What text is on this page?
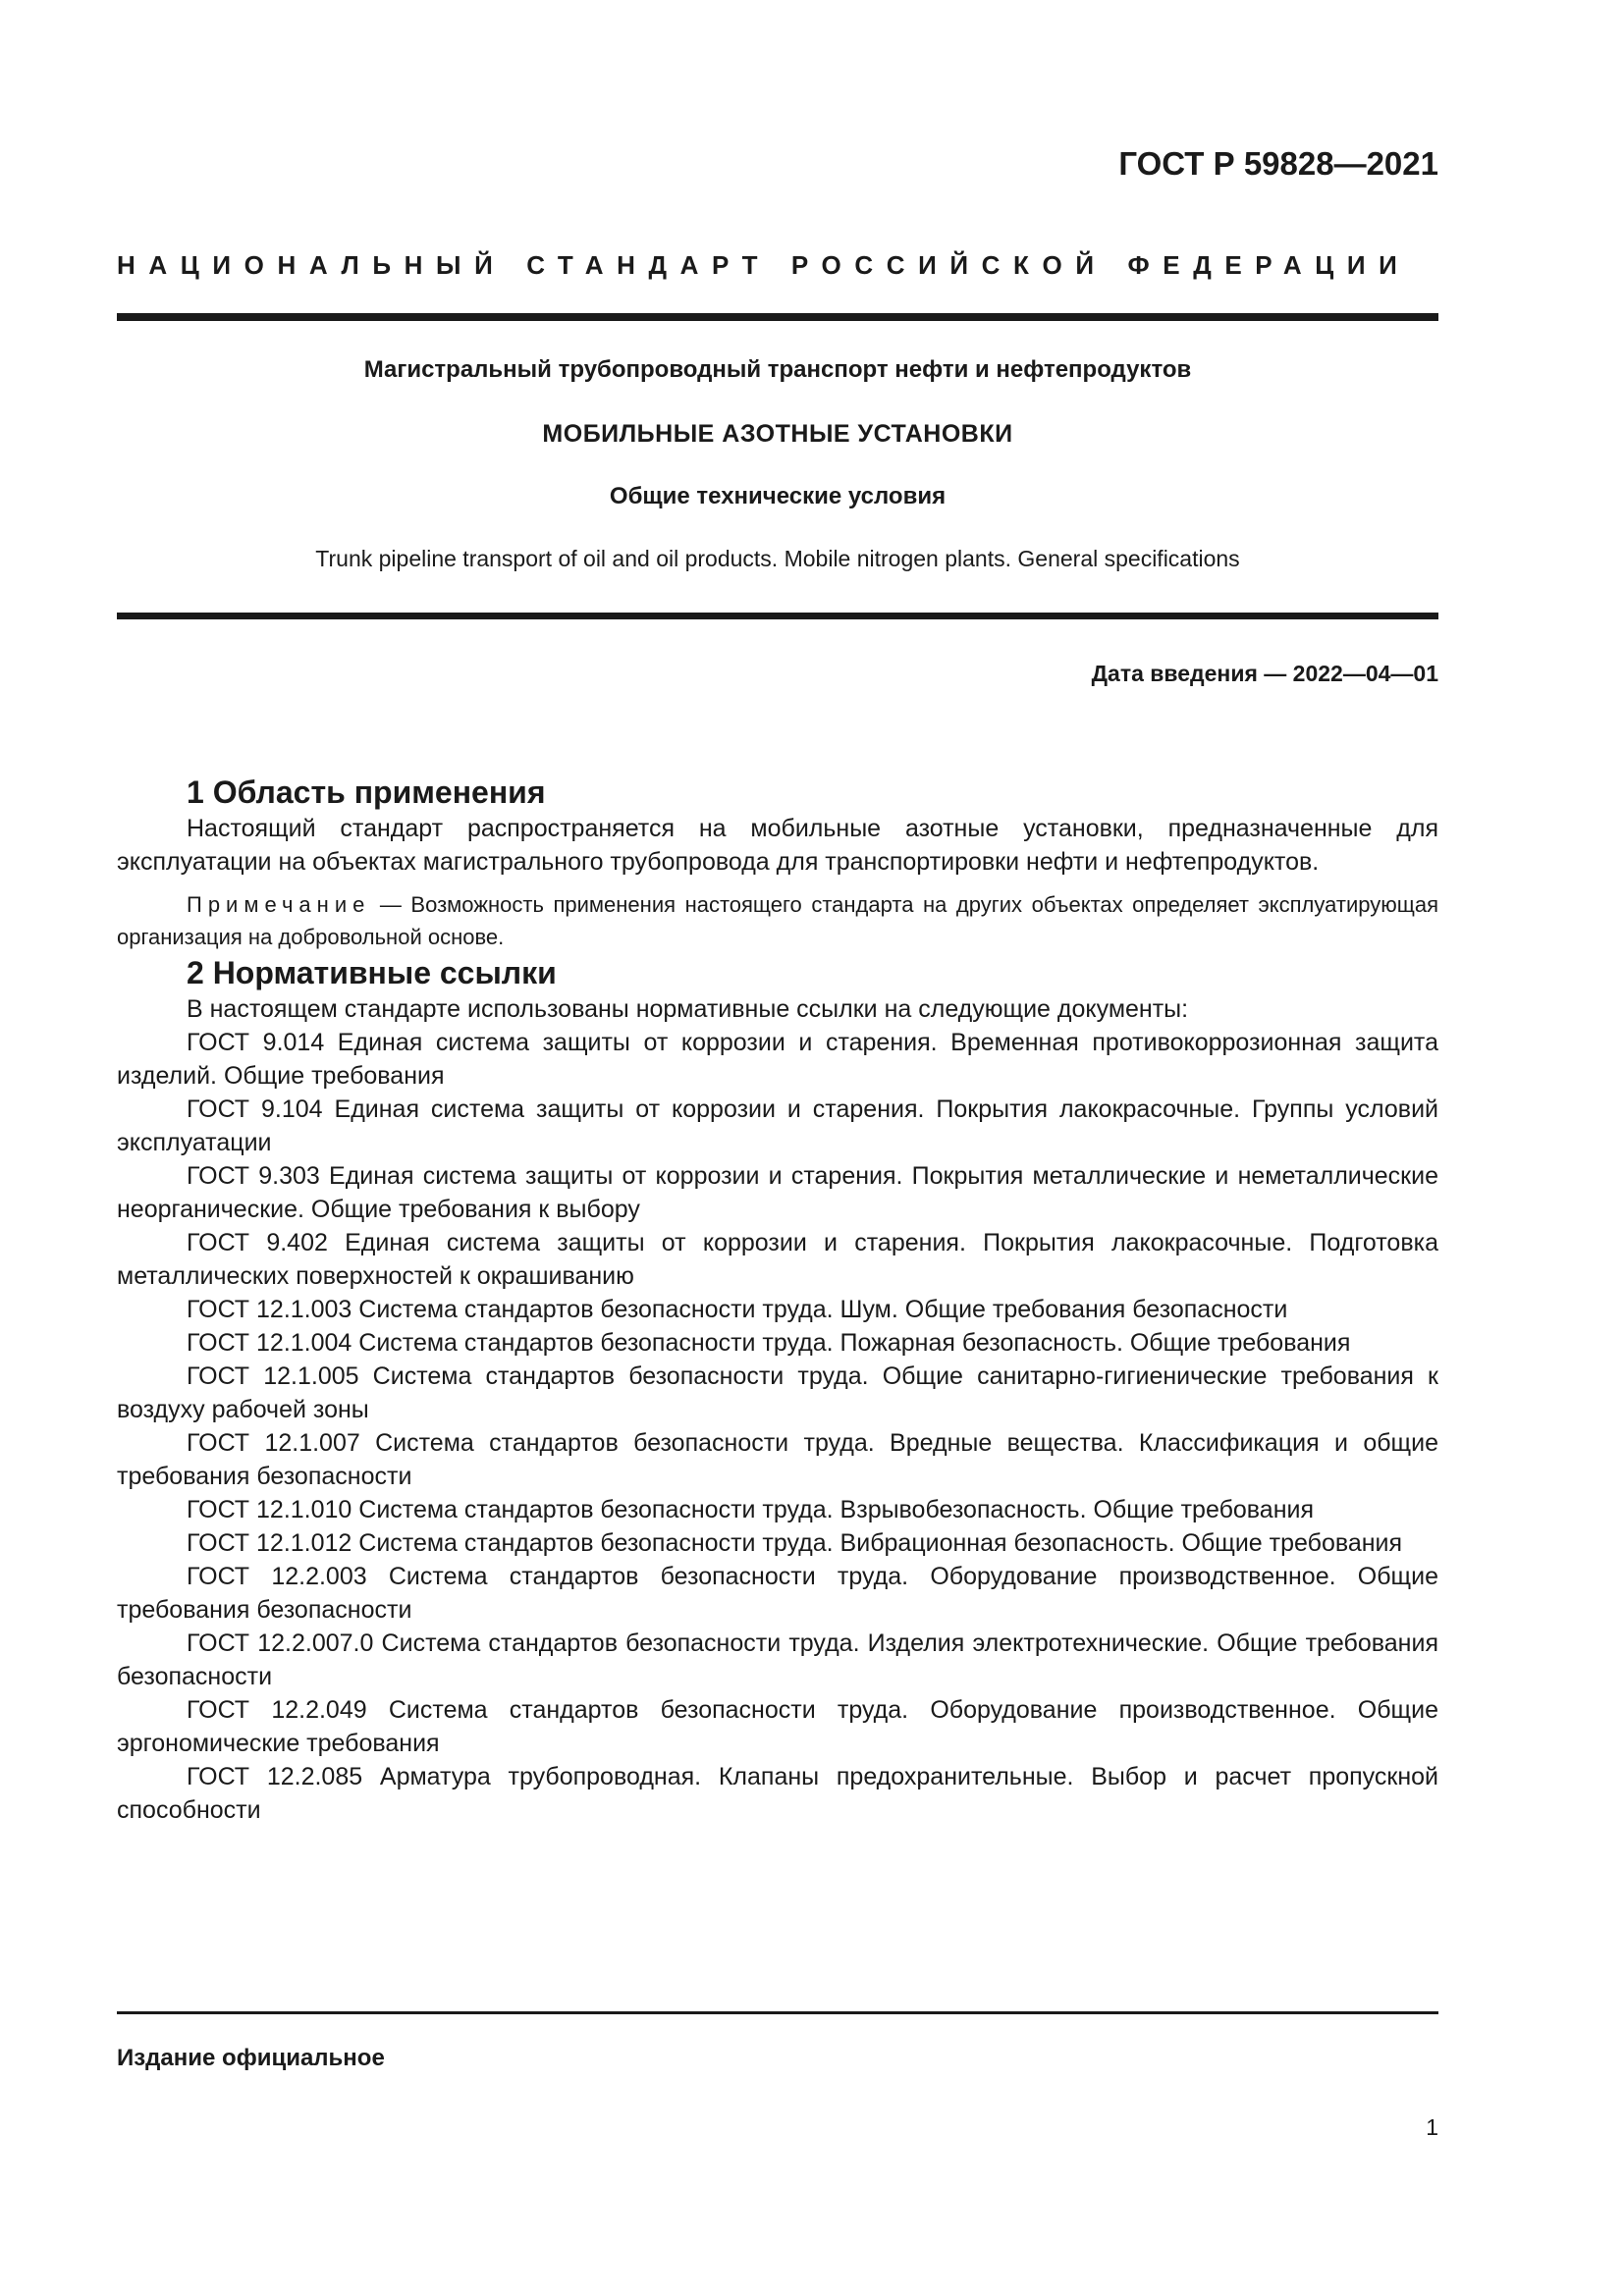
ГОСТ Р 59828—2021

НАЦИОНАЛЬНЫЙ СТАНДАРТ РОССИЙСКОЙ ФЕДЕРАЦИИ

Магистральный трубопроводный транспорт нефти и нефтепродуктов

МОБИЛЬНЫЕ АЗОТНЫЕ УСТАНОВКИ

Общие технические условия

Trunk pipeline transport of oil and oil products. Mobile nitrogen plants. General specifications

Дата введения — 2022—04—01

1 Область применения

Настоящий стандарт распространяется на мобильные азотные установки, предназначенные для эксплуатации на объектах магистрального трубопровода для транспортировки нефти и нефтепродуктов.

Примечание — Возможность применения настоящего стандарта на других объектах определяет эксплуатирующая организация на добровольной основе.

2 Нормативные ссылки

В настоящем стандарте использованы нормативные ссылки на следующие документы:

ГОСТ 9.014 Единая система защиты от коррозии и старения. Временная противокоррозионная защита изделий. Общие требования

ГОСТ 9.104 Единая система защиты от коррозии и старения. Покрытия лакокрасочные. Группы условий эксплуатации

ГОСТ 9.303 Единая система защиты от коррозии и старения. Покрытия металлические и неметаллические неорганические. Общие требования к выбору

ГОСТ 9.402 Единая система защиты от коррозии и старения. Покрытия лакокрасочные. Подготовка металлических поверхностей к окрашиванию

ГОСТ 12.1.003 Система стандартов безопасности труда. Шум. Общие требования безопасности

ГОСТ 12.1.004 Система стандартов безопасности труда. Пожарная безопасность. Общие требования

ГОСТ 12.1.005 Система стандартов безопасности труда. Общие санитарно-гигиенические требования к воздуху рабочей зоны

ГОСТ 12.1.007 Система стандартов безопасности труда. Вредные вещества. Классификация и общие требования безопасности

ГОСТ 12.1.010 Система стандартов безопасности труда. Взрывобезопасность. Общие требования

ГОСТ 12.1.012 Система стандартов безопасности труда. Вибрационная безопасность. Общие требования

ГОСТ 12.2.003 Система стандартов безопасности труда. Оборудование производственное. Общие требования безопасности

ГОСТ 12.2.007.0 Система стандартов безопасности труда. Изделия электротехнические. Общие требования безопасности

ГОСТ 12.2.049 Система стандартов безопасности труда. Оборудование производственное. Общие эргономические требования

ГОСТ 12.2.085 Арматура трубопроводная. Клапаны предохранительные. Выбор и расчет пропускной способности

Издание официальное

1
